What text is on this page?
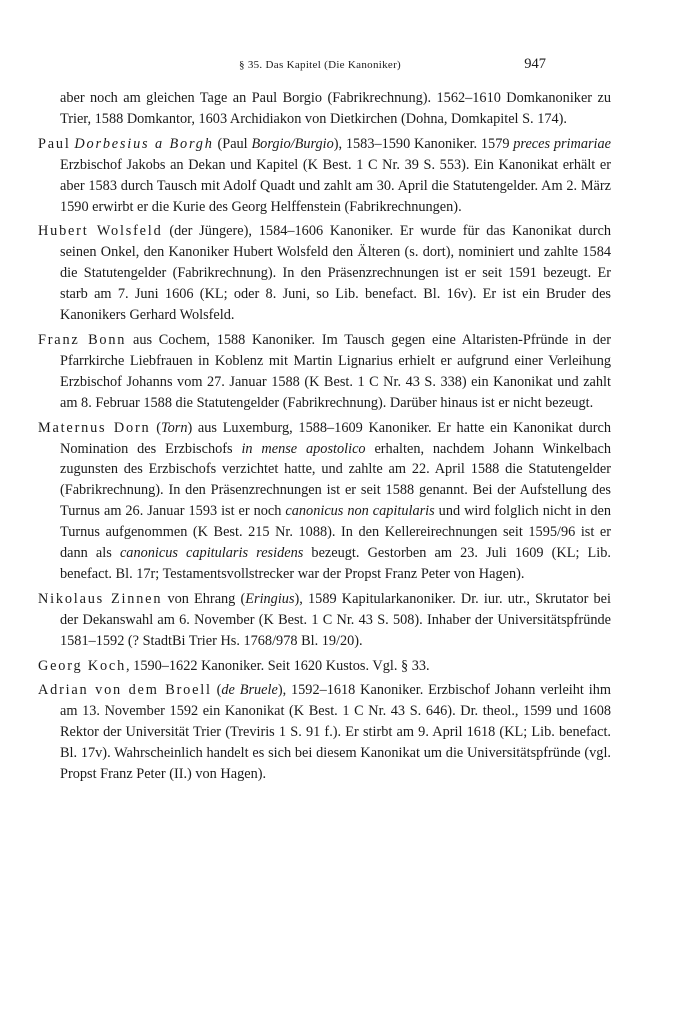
§ 35. Das Kapitel (Die Kanoniker)	947

aber noch am gleichen Tage an Paul Borgio (Fabrikrechnung). 1562–1610 Domkanoniker zu Trier, 1588 Domkantor, 1603 Archidiakon von Dietkirchen (Dohna, Domkapitel S. 174).

Paul Dorbesius a Borgh (Paul Borgio/Burgio), 1583–1590 Kanoniker. 1579 preces primariae Erzbischof Jakobs an Dekan und Kapitel (K Best. 1 C Nr. 39 S. 553). Ein Kanonikat erhält er aber 1583 durch Tausch mit Adolf Quadt und zahlt am 30. April die Statutengelder. Am 2. März 1590 erwirbt er die Kurie des Georg Helffenstein (Fabrikrechnungen).

Hubert Wolsfeld (der Jüngere), 1584–1606 Kanoniker. Er wurde für das Kanonikat durch seinen Onkel, den Kanoniker Hubert Wolsfeld den Älteren (s. dort), nominiert und zahlte 1584 die Statutengelder (Fabrikrechnung). In den Präsenzrechnungen ist er seit 1591 bezeugt. Er starb am 7. Juni 1606 (KL; oder 8. Juni, so Lib. benefact. Bl. 16v). Er ist ein Bruder des Kanonikers Gerhard Wolsfeld.

Franz Bonn aus Cochem, 1588 Kanoniker. Im Tausch gegen eine Altaristen-Pfründe in der Pfarrkirche Liebfrauen in Koblenz mit Martin Lignarius erhielt er aufgrund einer Verleihung Erzbischof Johanns vom 27. Januar 1588 (K Best. 1 C Nr. 43 S. 338) ein Kanonikat und zahlt am 8. Februar 1588 die Statutengelder (Fabrikrechnung). Darüber hinaus ist er nicht bezeugt.

Maternus Dorn (Torn) aus Luxemburg, 1588–1609 Kanoniker. Er hatte ein Kanonikat durch Nomination des Erzbischofs in mense apostolico erhalten, nachdem Johann Winkelbach zugunsten des Erzbischofs verzichtet hatte, und zahlte am 22. April 1588 die Statutengelder (Fabrikrechnung). In den Präsenzrechnungen ist er seit 1588 genannt. Bei der Aufstellung des Turnus am 26. Januar 1593 ist er noch canonicus non capitularis und wird folglich nicht in den Turnus aufgenommen (K Best. 215 Nr. 1088). In den Kellereirechnungen seit 1595/96 ist er dann als canonicus capitularis residens bezeugt. Gestorben am 23. Juli 1609 (KL; Lib. benefact. Bl. 17r; Testamentsvollstrecker war der Propst Franz Peter von Hagen).

Nikolaus Zinnen von Ehrang (Eringius), 1589 Kapitularkanoniker. Dr. iur. utr., Skrutator bei der Dekanswahl am 6. November (K Best. 1 C Nr. 43 S. 508). Inhaber der Universitätspfründe 1581–1592 (? StadtBi Trier Hs. 1768/978 Bl. 19/20).

Georg Koch, 1590–1622 Kanoniker. Seit 1620 Kustos. Vgl. § 33.

Adrian von dem Broell (de Bruele), 1592–1618 Kanoniker. Erzbischof Johann verleiht ihm am 13. November 1592 ein Kanonikat (K Best. 1 C Nr. 43 S. 646). Dr. theol., 1599 und 1608 Rektor der Universität Trier (Treviris 1 S. 91 f.). Er stirbt am 9. April 1618 (KL; Lib. benefact. Bl. 17v). Wahrscheinlich handelt es sich bei diesem Kanonikat um die Universitätspfründe (vgl. Propst Franz Peter (II.) von Hagen).
